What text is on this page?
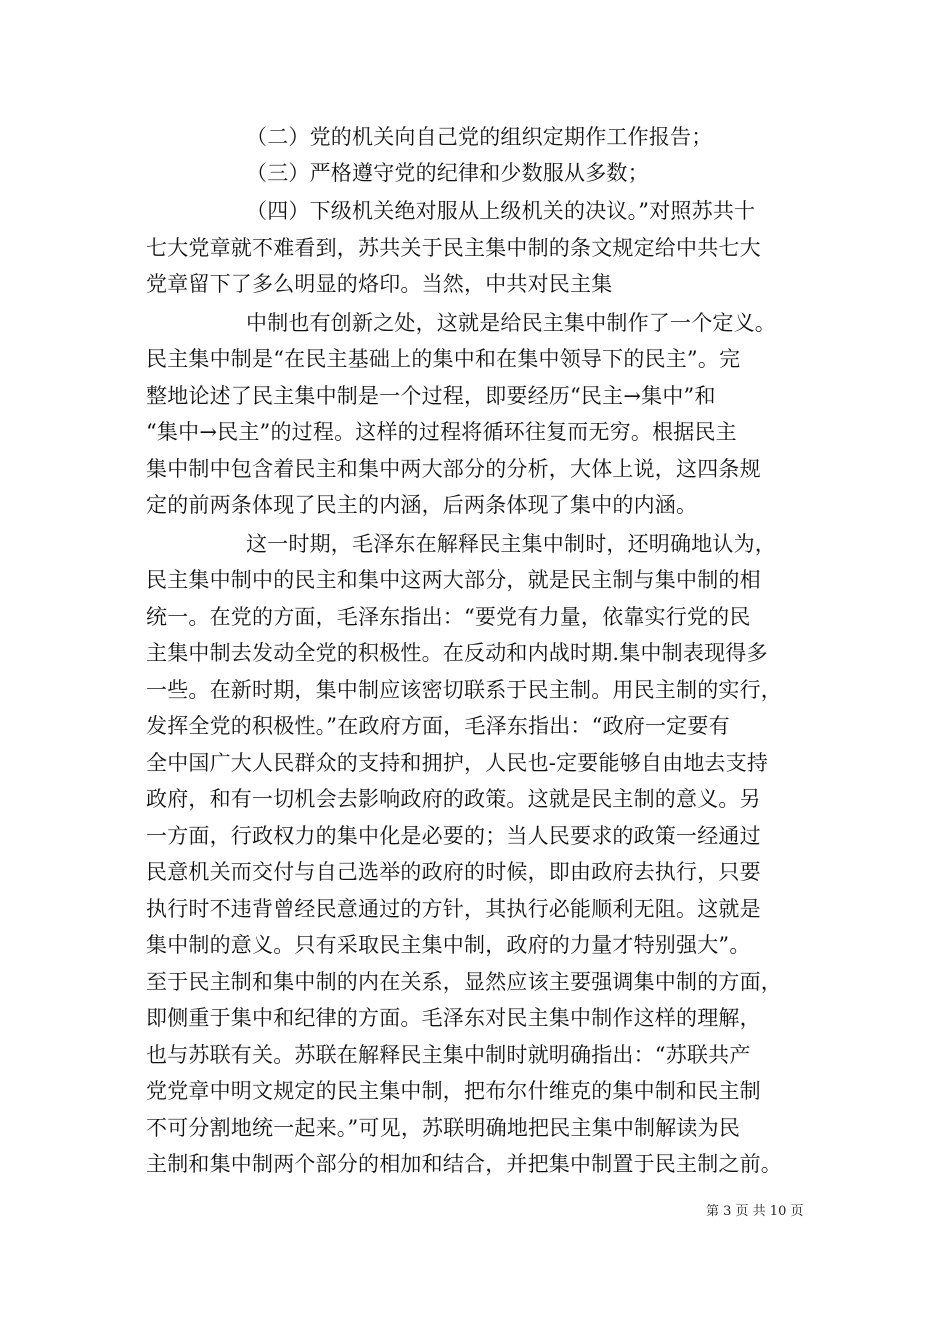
（二）党的机关向自己党的组织定期作工作报告；
（三）严格遵守党的纪律和少数服从多数；
（四）下级机关绝对服从上级机关的决议。”对照苏共十
七大党章就不难看到，苏共关于民主集中制的条文规定给中共七大
党章留下了多么明显的烙印。当然，中共对民主集
中制也有创新之处，这就是给民主集中制作了一个定义。
民主集中制是“在民主基础上的集中和在集中领导下的民主”。完
整地论述了民主集中制是一个过程，即要经历“民主→集中”和
“集中→民主”的过程。这样的过程将循环往复而无穷。根据民主
集中制中包含着民主和集中两大部分的分析，大体上说，这四条规
定的前两条体现了民主的内涵，后两条体现了集中的内涵。
这一时期，毛泽东在解释民主集中制时，还明确地认为，
民主集中制中的民主和集中这两大部分，就是民主制与集中制的相
统一。在党的方面，毛泽东指出：“要党有力量，依靠实行党的民
主集中制去发动全党的积极性。在反动和内战时期.集中制表现得多
一些。在新时期，集中制应该密切联系于民主制。用民主制的实行，
发挥全党的积极性。”在政府方面，毛泽东指出：“政府一定要有
全中国广大人民群众的支持和拥护，人民也-定要能够自由地去支持
政府，和有一切机会去影响政府的政策。这就是民主制的意义。另
一方面，行政权力的集中化是必要的；当人民要求的政策一经通过
民意机关而交付与自己选举的政府的时候，即由政府去执行，只要
执行时不违背曾经民意通过的方针，其执行必能顺利无阻。这就是
集中制的意义。只有采取民主集中制，政府的力量才特别强大”。
至于民主制和集中制的内在关系，显然应该主要强调集中制的方面，
即侧重于集中和纪律的方面。毛泽东对民主集中制作这样的理解，
也与苏联有关。苏联在解释民主集中制时就明确指出：“苏联共产
党党章中明文规定的民主集中制，把布尔什维克的集中制和民主制
不可分割地统一起来。”可见，苏联明确地把民主集中制解读为民
主制和集中制两个部分的相加和结合，并把集中制置于民主制之前。
第 3 页 共 10 页
